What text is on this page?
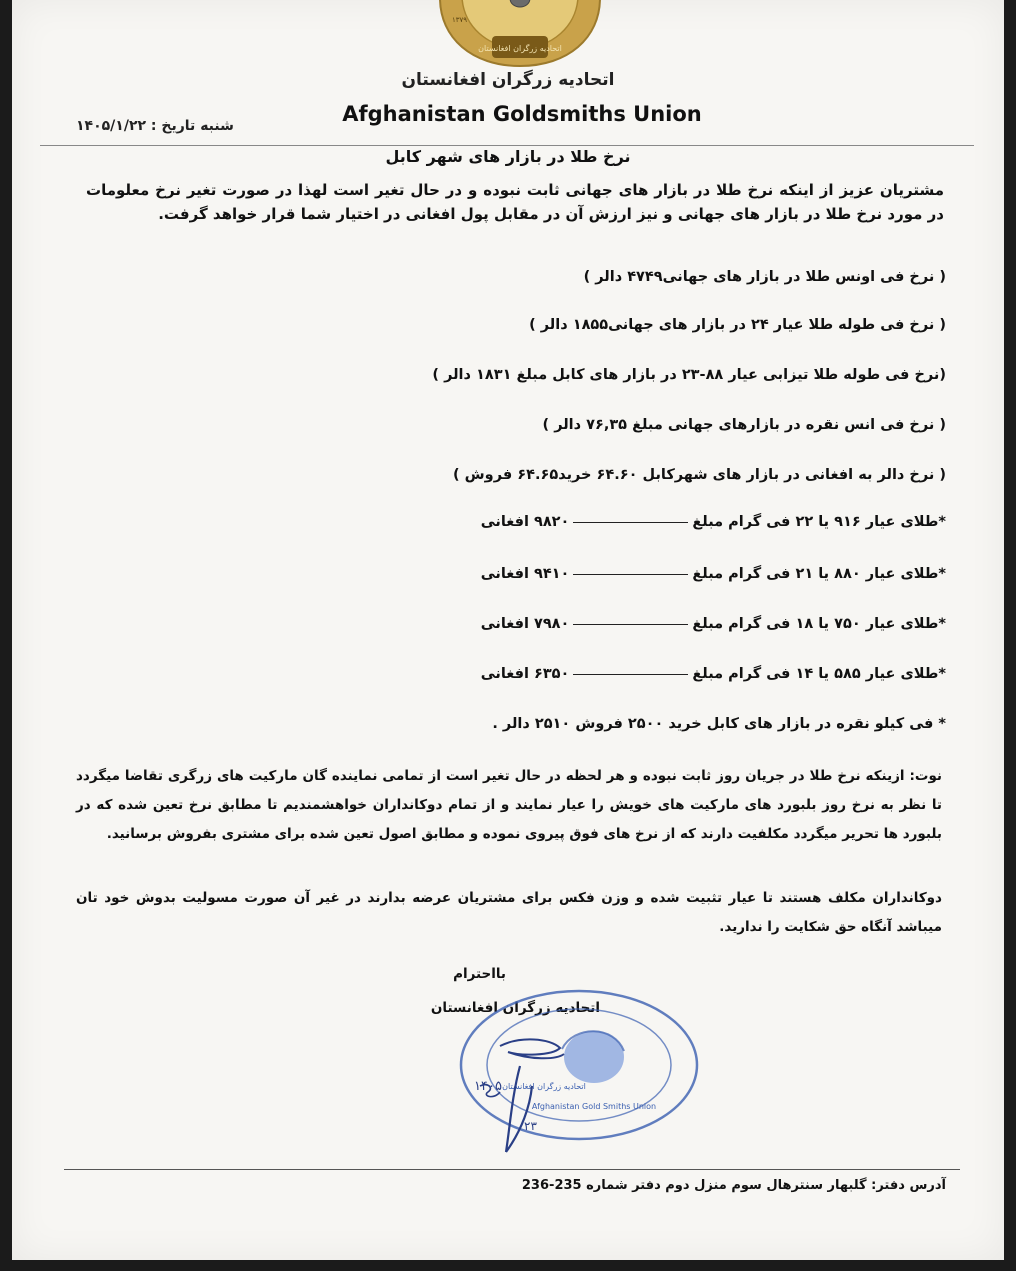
اتحادیه زرگران افغانستان
۱۳۷۹
اتحادیه زرگران افغانستان
Afghanistan Goldsmiths Union
شنبه تاریخ : ۱۴۰۵/۱/۲۲
نرخ طلا در بازار های شهر کابل
مشتریان عزیز از اینکه نرخ طلا در بازار های جهانی ثابت نبوده و در حال تغیر است لهذا در صورت تغیر نرخ معلومات در مورد نرخ طلا در بازار های جهانی و نیز ارزش آن در مقابل پول افغانی در اختیار شما قرار خواهد گرفت.
( نرخ فی اونس طلا در بازار های جهانی۴۷۴۹ دالر )
( نرخ فی طوله طلا عیار ۲۴ در بازار های جهانی۱۸۵۵ دالر )
(نرخ فی طوله طلا تیزابی عیار ۸۸-۲۳ در بازار های کابل مبلغ ۱۸۳۱ دالر )
( نرخ فی انس نقره در بازارهای جهانی مبلغ ۷۶,۳۵ دالر )
( نرخ دالر به افغانی در بازار های شهرکابل ۶۴.۶۰ خرید۶۴.۶۵ فروش )
*طلای عیار ۹۱۶ یا ۲۲ فی گرام مبلغ۹۸۲۰ افغانی
*طلای عیار ۸۸۰ یا ۲۱ فی گرام مبلغ۹۴۱۰ افغانی
*طلای عیار ۷۵۰ یا ۱۸ فی گرام مبلغ۷۹۸۰ افغانی
*طلای عیار ۵۸۵ یا ۱۴ فی گرام مبلغ۶۳۵۰ افغانی
* فی کیلو نقره در بازار های کابل خرید ۲۵۰۰ فروش ۲۵۱۰ دالر .
نوت: ازینکه نرخ طلا در جریان روز ثابت نبوده و هر لحظه در حال تغیر است از تمامی نماینده گان مارکیت های زرگری تقاضا میگردد تا نظر به نرخ روز بلبورد های مارکیت های خویش را عیار نمایند و از تمام دوکانداران خواهشمندیم تا مطابق نرخ تعین شده که در بلبورد ها تحریر میگردد مکلفیت دارند که از نرخ های فوق پیروی نموده و مطابق اصول تعین شده برای مشتری بفروش برسانید.
دوکانداران مکلف هستند تا عیار تثبیت شده و وزن فکس برای مشتریان عرضه بدارند در غیر آن صورت مسولیت بدوش خود تان میباشد آنگاه حق شکایت را ندارید.
بااحترام
اتحادیه زرگران افغانستان
Afghanistan Gold Smiths Union
اتحادیه زرگران افغانستان
۱۴۰۵
۲۳
آدرس دفتر: گلبهار سنترهال سوم منزل دوم دفتر شماره 235-236
